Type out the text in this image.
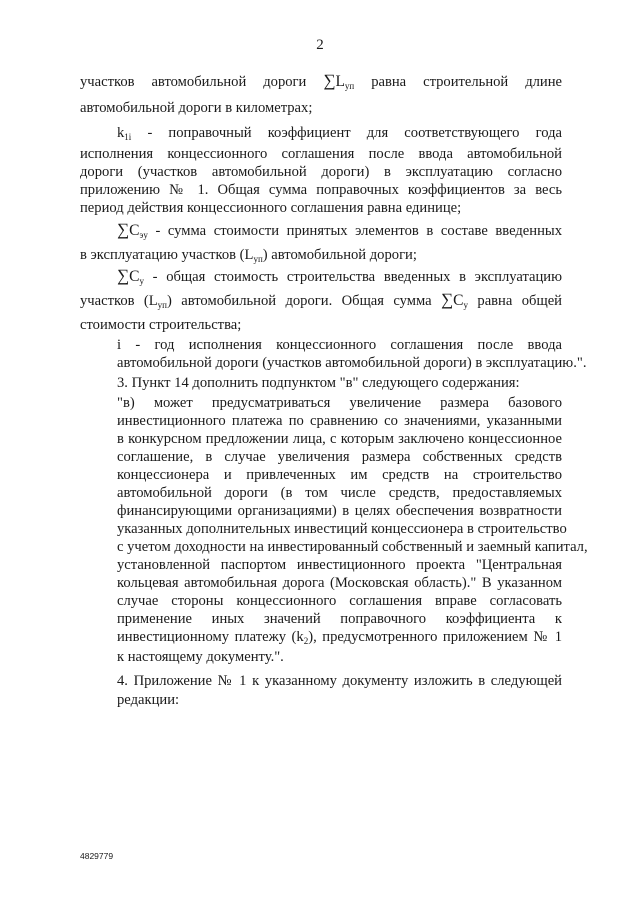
2
участков автомобильной дороги $\sum L_{уп}$ равна строительной длине
автомобильной дороги в километрах;
$k_{1i}$ - поправочный коэффициент для соответствующего года
исполнения концессионного соглашения после ввода автомобильной
дороги (участков автомобильной дороги) в эксплуатацию согласно
приложению № 1. Общая сумма поправочных коэффициентов за весь
период действия концессионного соглашения равна единице;
$\sum C_{эу}$ - сумма стоимости принятых элементов в составе введенных
в эксплуатацию участков $(L_{уп})$ автомобильной дороги;
$\sum C_у$ - общая стоимость строительства введенных в эксплуатацию
участков $(L_{уп})$ автомобильной дороги. Общая сумма $\sum C_у$ равна общей
стоимости строительства;
i - год исполнения концессионного соглашения после ввода
автомобильной дороги (участков автомобильной дороги) в эксплуатацию.".
3. Пункт 14 дополнить подпунктом "в" следующего содержания:
"в) может предусматриваться увеличение размера базового
инвестиционного платежа по сравнению со значениями, указанными
в конкурсном предложении лица, с которым заключено концессионное
соглашение, в случае увеличения размера собственных средств
концессионера и привлеченных им средств на строительство
автомобильной дороги (в том числе средств, предоставляемых
финансирующими организациями) в целях обеспечения возвратности
указанных дополнительных инвестиций концессионера в строительство
с учетом доходности на инвестированный собственный и заемный капитал,
установленной паспортом инвестиционного проекта "Центральная
кольцевая автомобильная дорога (Московская область)." В указанном
случае стороны концессионного соглашения вправе согласовать
применение иных значений поправочного коэффициента к
инвестиционному платежу $(k_2)$, предусмотренного приложением № 1
к настоящему документу.".
4. Приложение № 1 к указанному документу изложить в следующей
редакции:
4829779
